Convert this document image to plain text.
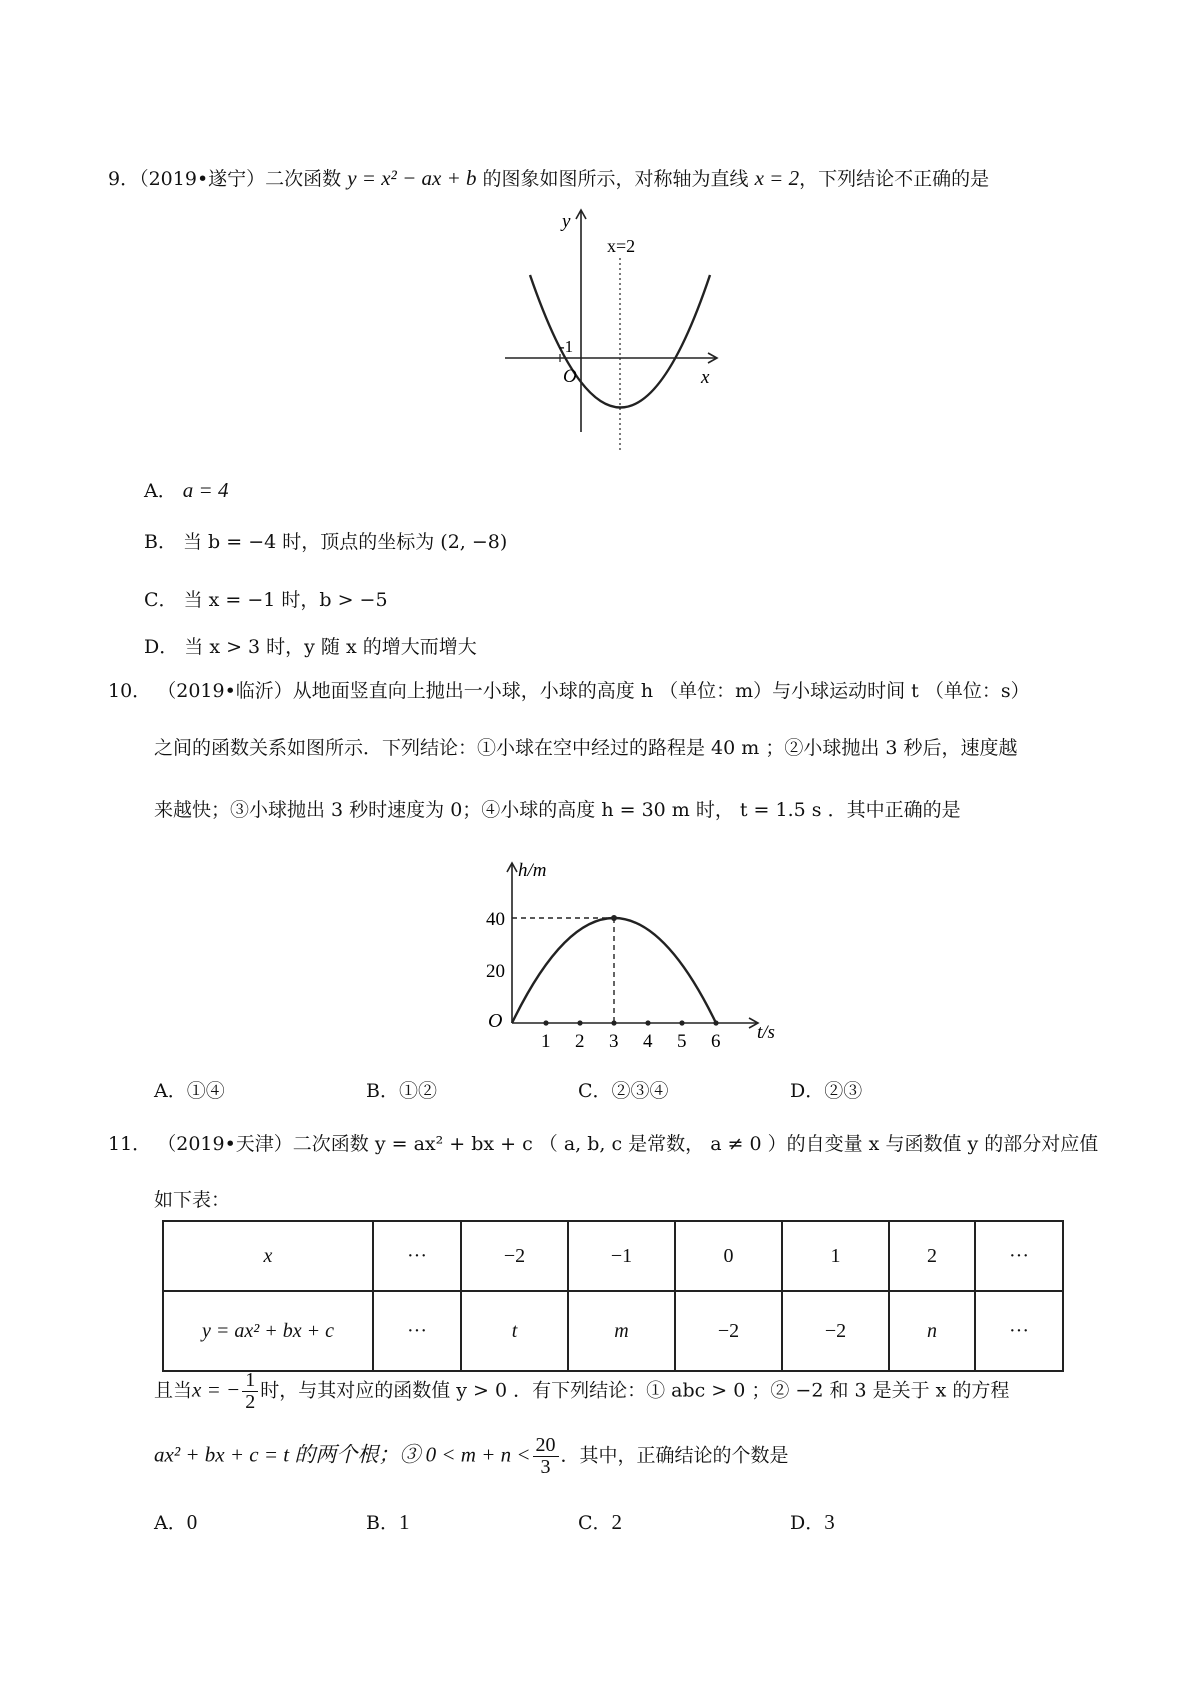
9．（2019•遂宁）二次函数 y = x² − ax + b 的图象如图所示，对称轴为直线 x = 2，下列结论不正确的是
y
x
O
-1
x=2
A． a = 4
B． 当 b = −4 时，顶点的坐标为 (2, −8)
C． 当 x = −1 时，b > −5
D． 当 x > 3 时，y 随 x 的增大而增大
10． （2019•临沂）从地面竖直向上抛出一小球，小球的高度 h （单位：m）与小球运动时间 t （单位：s）
之间的函数关系如图所示．下列结论：①小球在空中经过的路程是 40 m ；②小球抛出 3 秒后，速度越
来越快；③小球抛出 3 秒时速度为 0；④小球的高度 h = 30 m 时， t = 1.5 s ．其中正确的是
h/m
t/s
O
20
40
1 2 3 4 5 6
A．①④	B．①②	C．②③④	D．②③
11． （2019•天津）二次函数 y = ax² + bx + c （ a, b, c 是常数， a ≠ 0 ）的自变量 x 与函数值 y 的部分对应值
如下表：
x	···	−2	−1	0	1	2	···
y = ax² + bx + c	···	t	m	−2	−2	n	···
且当x = − $\frac{1}{2}$ 时，与其对应的函数值 y > 0 ．有下列结论：① abc > 0 ；② −2 和 3 是关于 x 的方程
ax² + bx + c = t 的两个根；③ $0 < m + n < \frac{20}{3}$ ．其中，正确结论的个数是
A．0	B．1	C．2	D．3
